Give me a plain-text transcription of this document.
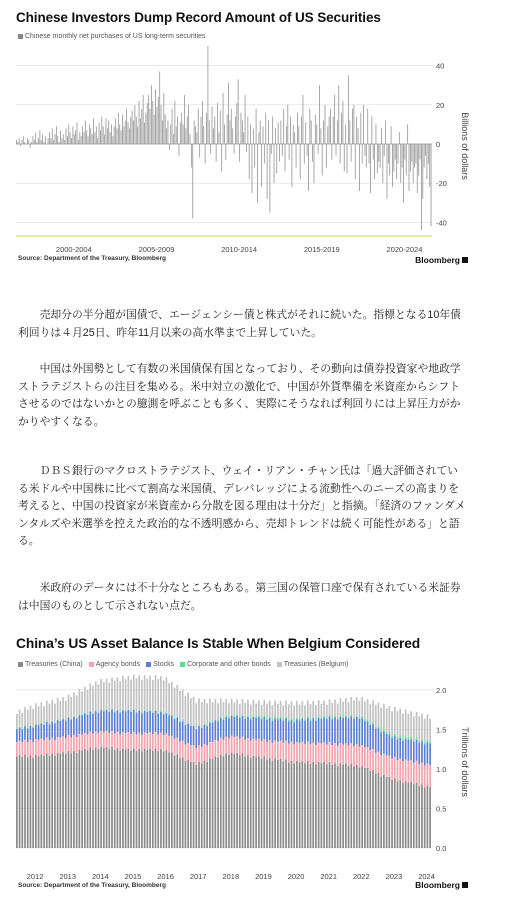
Chinese Investors Dump Record Amount of US Securities
Chinese monthly net purchases of US long-term securities
40
20
0
-20
-40
2000-2004	2005-2009	2010-2014	2015-2019	2020-2024
Billions of dollars
Source: Department of the Treasury, Bloomberg	Bloomberg

売却分の半分超が国債で、エージェンシー債と株式がそれに続いた。指標となる10年債利回りは４月25日、昨年11月以来の高水準まで上昇していた。

中国は外国勢として有数の米国債保有国となっており、その動向は債券投資家や地政学ストラテジストらの注目を集める。米中対立の激化で、中国が外貨準備を米資産からシフトさせるのではないかとの臆測を呼ぶことも多く、実際にそうなれば利回りには上昇圧力がかかりやすくなる。

ＤＢＳ銀行のマクロストラテジスト、ウェイ・リアン・チャン氏は「過大評価されている米ドルや中国株に比べて割高な米国債、デレバレッジによる流動性へのニーズの高まりを考えると、中国の投資家が米資産から分散を図る理由は十分だ」と指摘。「経済のファンダメンタルズや米選挙を控えた政治的な不透明感から、売却トレンドは続く可能性がある」と語る。

米政府のデータには不十分なところもある。第三国の保管口座で保有されている米証券は中国のものとして示されない点だ。

China’s US Asset Balance Is Stable When Belgium Considered
Treasuries (China) Agency bonds Stocks Corporate and other bonds Treasuries (Belgium)
0.0
0.5
1.0
1.5
2.0
2012 2013 2014 2015 2016 2017 2018 2019 2020 2021 2022 2023 2024
Trillions of dollars
Source: Department of the Treasury, Bloomberg	Bloomberg
